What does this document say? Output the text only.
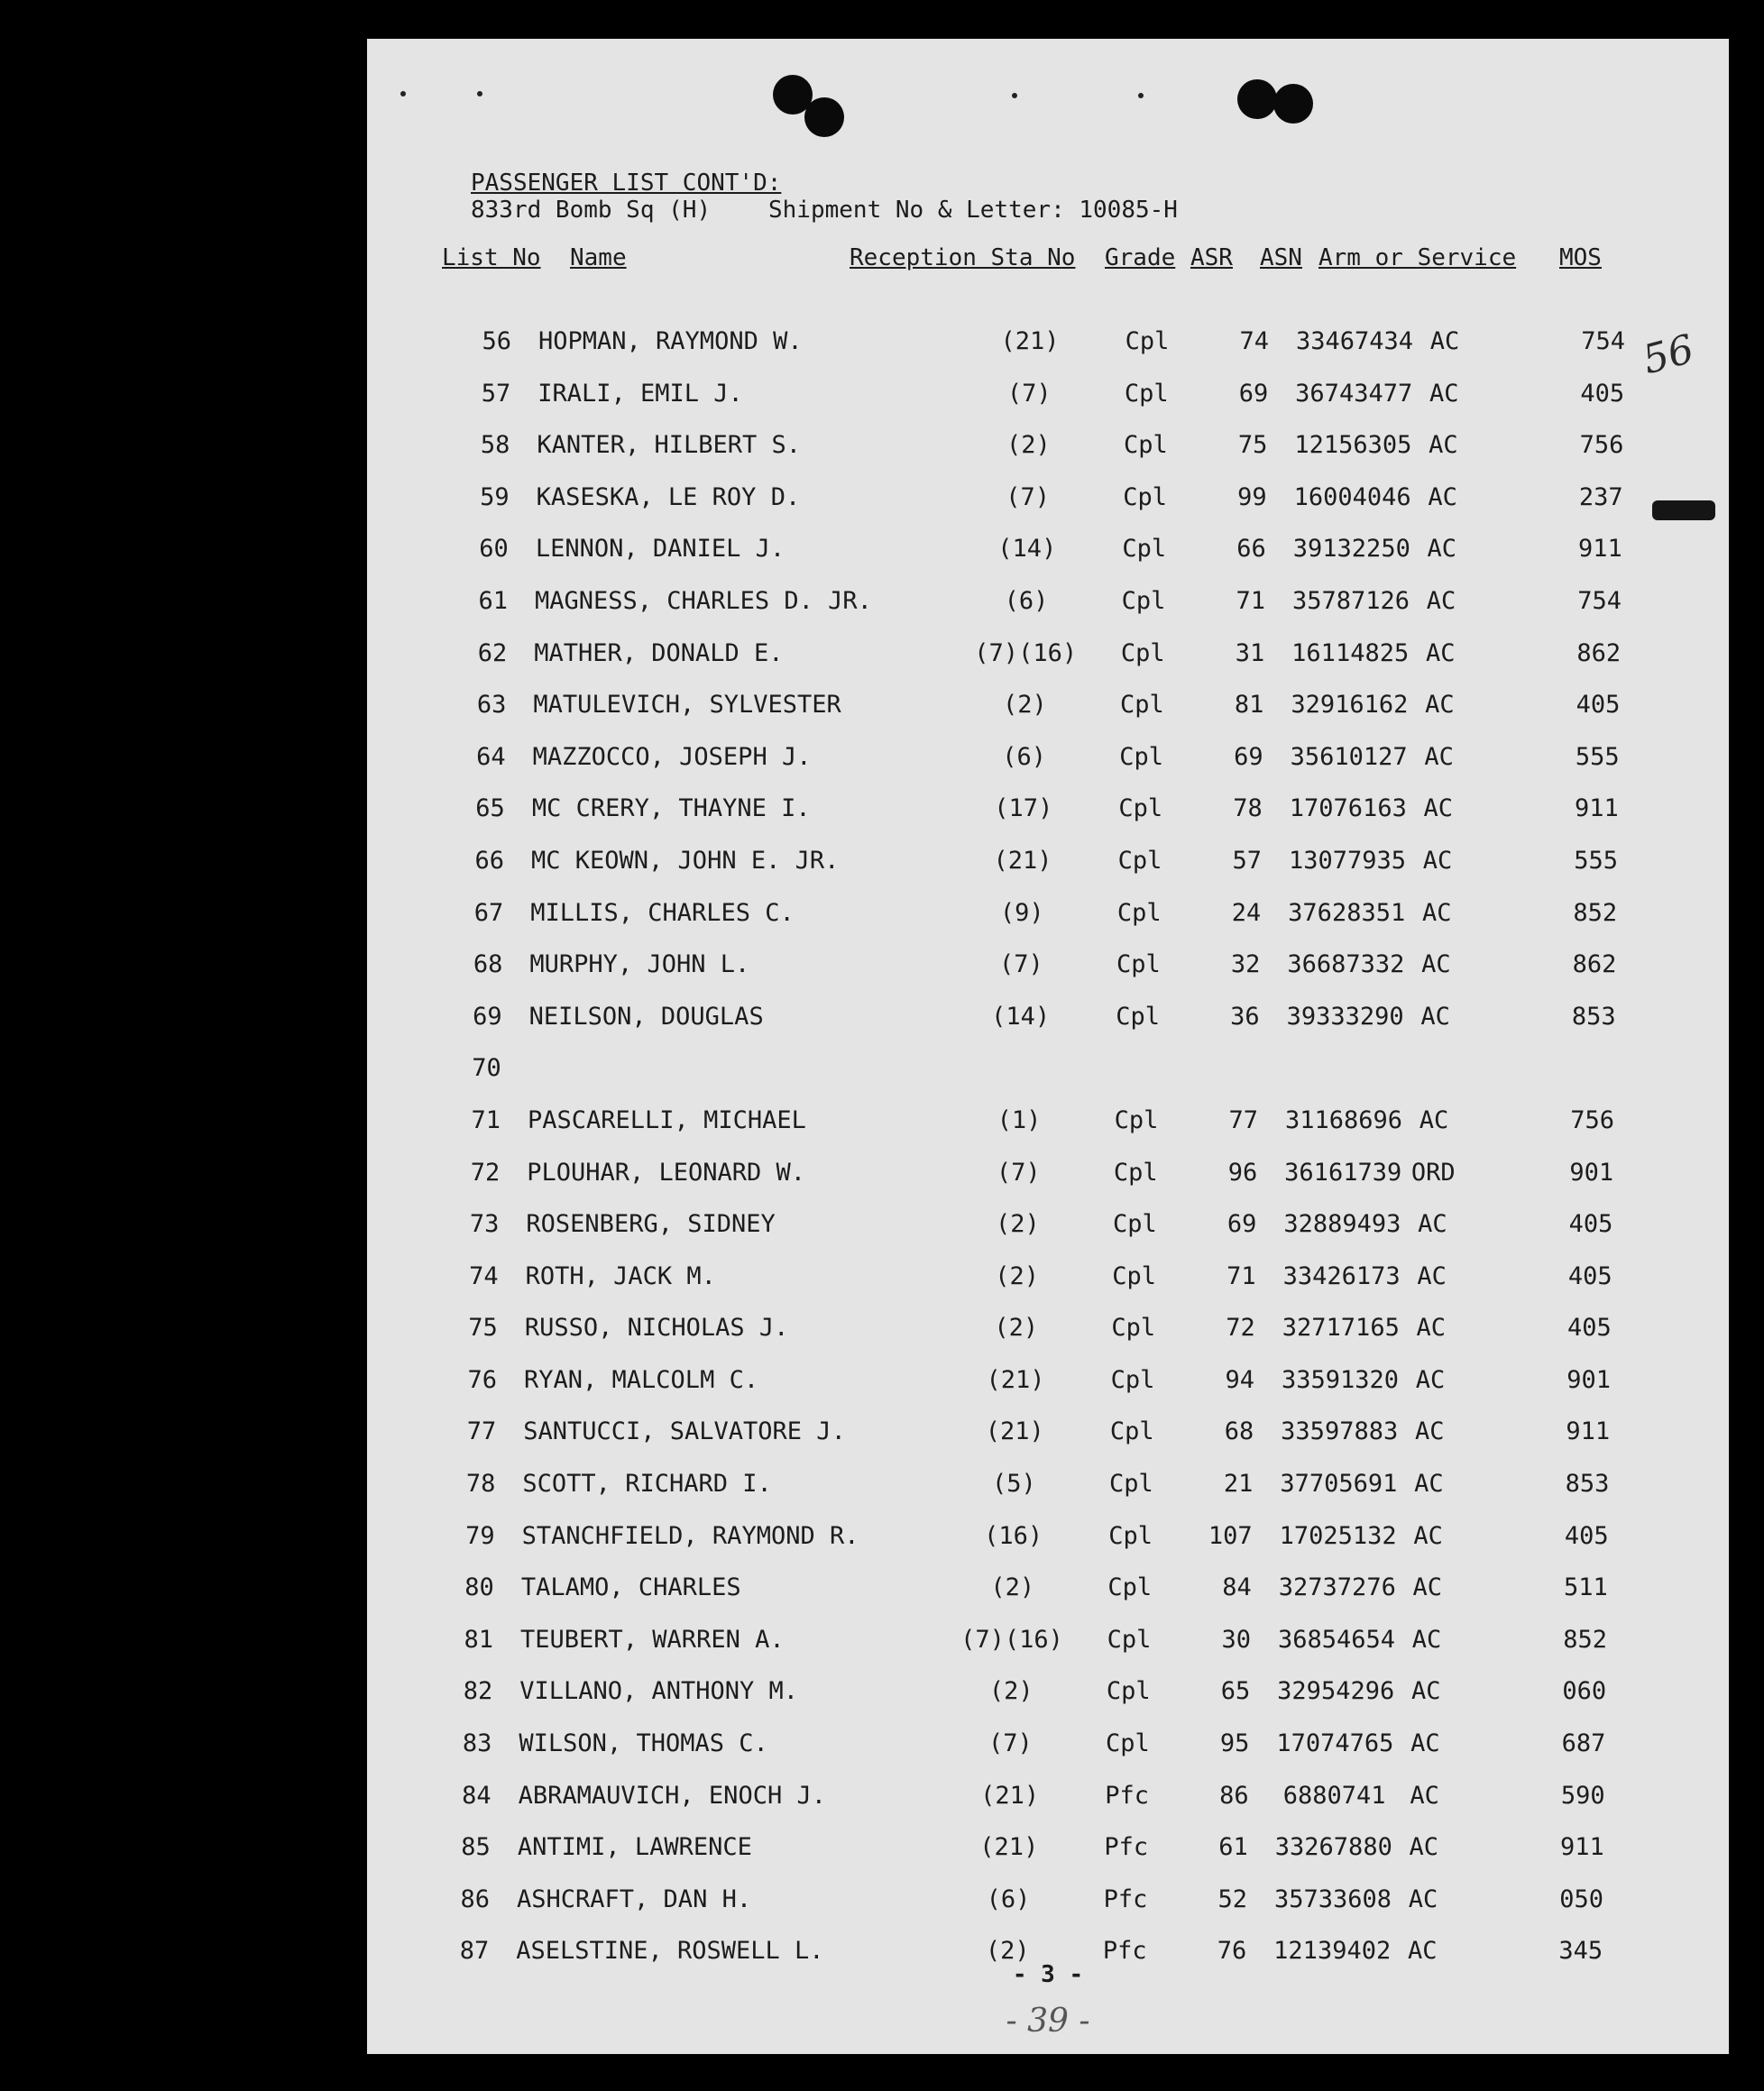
PASSENGER LIST CONT'D:
833rd Bomb Sq (H) Shipment No & Letter: 10085-H
List No Name	Reception Sta No Grade ASR ASN Arm or Service MOS
56 HOPMAN, RAYMOND W.	(21)	Cpl	74	33467434 AC	754
57 IRALI, EMIL J.	(7)	Cpl	69	36743477 AC	405
58 KANTER, HILBERT S.	(2)	Cpl	75	12156305 AC	756
59 KASESKA, LE ROY D.	(7)	Cpl	99	16004046 AC	237
60 LENNON, DANIEL J.	(14)	Cpl	66	39132250 AC	911
61 MAGNESS, CHARLES D. JR.	(6)	Cpl	71	35787126 AC	754
62 MATHER, DONALD E.	(7)(16)	Cpl	31	16114825 AC	862
63 MATULEVICH, SYLVESTER	(2)	Cpl	81	32916162 AC	405
64 MAZZOCCO, JOSEPH J.	(6)	Cpl	69	35610127 AC	555
65 MC CRERY, THAYNE I.	(17)	Cpl	78	17076163 AC	911
66 MC KEOWN, JOHN E. JR.	(21)	Cpl	57	13077935 AC	555
67 MILLIS, CHARLES C.	(9)	Cpl	24	37628351 AC	852
68 MURPHY, JOHN L.	(7)	Cpl	32	36687332 AC	862
69 NEILSON, DOUGLAS	(14)	Cpl	36	39333290 AC	853
70
71 PASCARELLI, MICHAEL	(1)	Cpl	77	31168696 AC	756
72 PLOUHAR, LEONARD W.	(7)	Cpl	96	36161739 ORD	901
73 ROSENBERG, SIDNEY	(2)	Cpl	69	32889493 AC	405
74 ROTH, JACK M.	(2)	Cpl	71	33426173 AC	405
75 RUSSO, NICHOLAS J.	(2)	Cpl	72	32717165 AC	405
76 RYAN, MALCOLM C.	(21)	Cpl	94	33591320 AC	901
77 SANTUCCI, SALVATORE J.	(21)	Cpl	68	33597883 AC	911
78 SCOTT, RICHARD I.	(5)	Cpl	21	37705691 AC	853
79 STANCHFIELD, RAYMOND R.	(16)	Cpl	107	17025132 AC	405
80 TALAMO, CHARLES	(2)	Cpl	84	32737276 AC	511
81 TEUBERT, WARREN A.	(7)(16)	Cpl	30	36854654 AC	852
82 VILLANO, ANTHONY M.	(2)	Cpl	65	32954296 AC	060
83 WILSON, THOMAS C.	(7)	Cpl	95	17074765 AC	687
84 ABRAMAUVICH, ENOCH J.	(21)	Pfc	86	6880741 AC	590
85 ANTIMI, LAWRENCE	(21)	Pfc	61	33267880 AC	911
86 ASHCRAFT, DAN H.	(6)	Pfc	52	35733608 AC	050
87 ASELSTINE, ROSWELL L.	(2)	Pfc	76	12139402 AC	345
56
- 3 -
- 39 -
